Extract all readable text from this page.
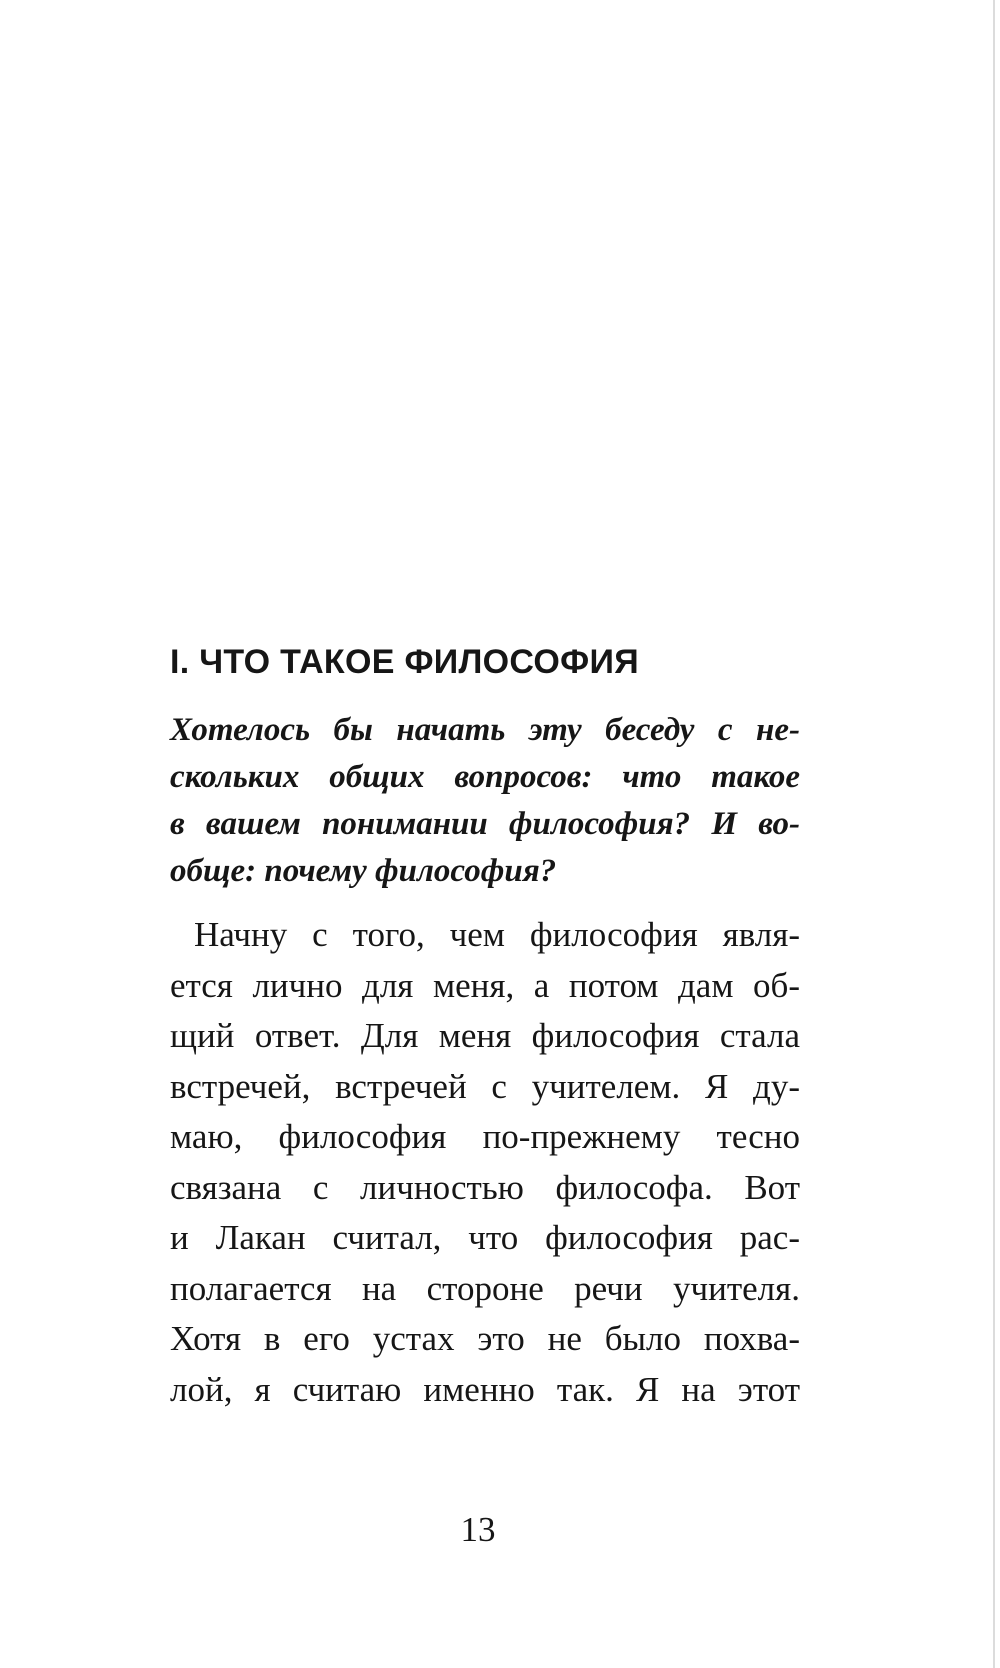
I. ЧТО ТАКОЕ ФИЛОСОФИЯ
Хотелось бы начать эту беседу с не-
скольких общих вопросов: что такое
в вашем понимании философия? И во-
обще: почему философия?
Начну с того, чем философия явля-
ется лично для меня, а потом дам об-
щий ответ. Для меня философия стала
встречей, встречей с учителем. Я ду-
маю, философия по-прежнему тесно
связана с личностью философа. Вот
и Лакан считал, что философия рас-
полагается на стороне речи учителя.
Хотя в его устах это не было похва-
лой, я считаю именно так. Я на этот
13
